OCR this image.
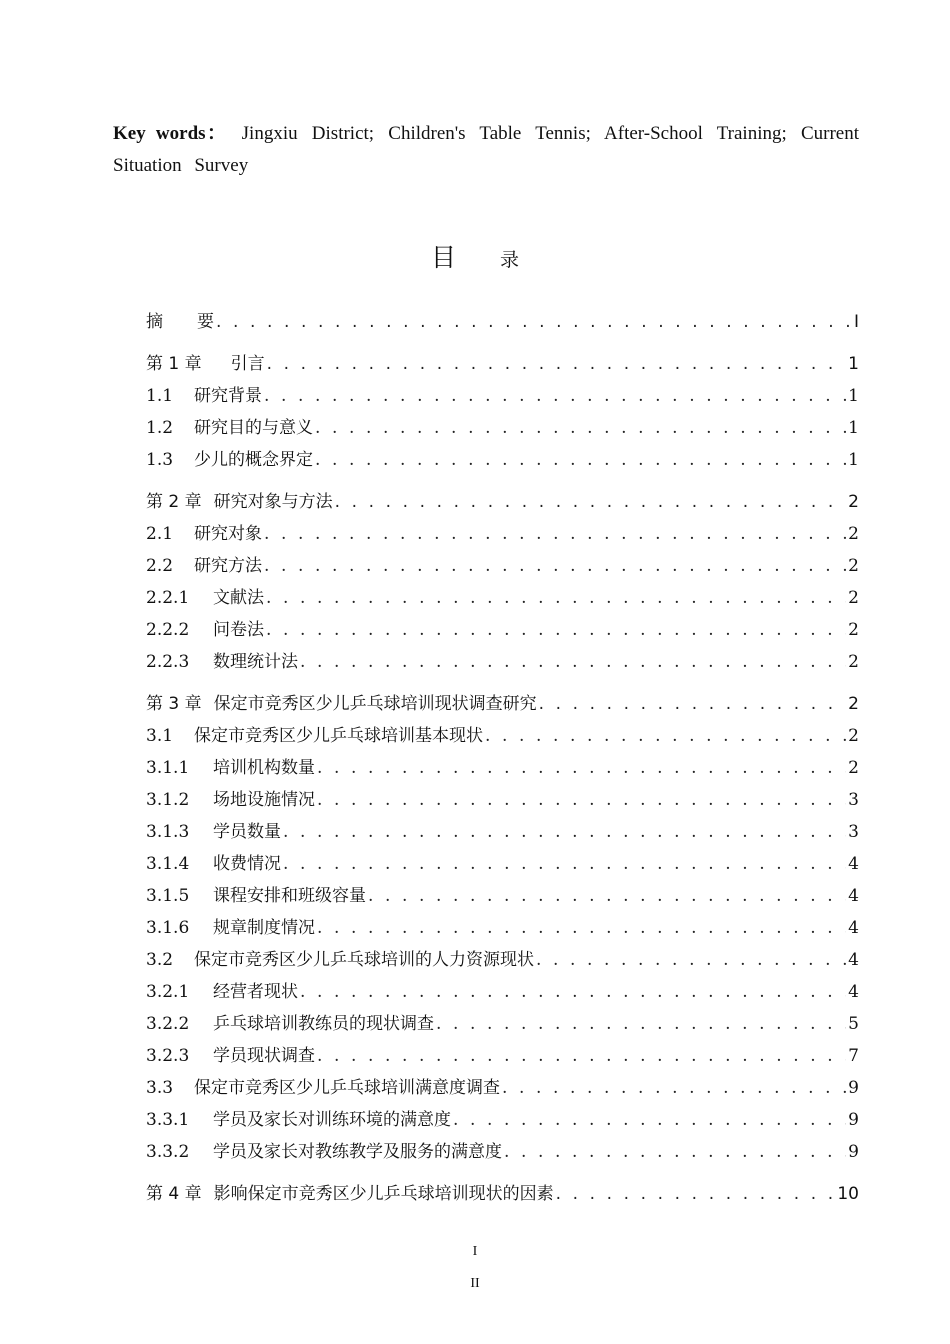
Key words： Jingxiu District; Children's Table Tennis; After-School Training; Current Situation Survey
目 录
摘　　要 . . .	I
第 1 章 　引言 . . .	1
1.1	研究背景 . . .	1
1.2	研究目的与意义 . . .	1
1.3	少儿的概念界定 . . .	1
第 2 章 研究对象与方法 . . .	2
2.1	研究对象 . . .	2
2.2	研究方法 . . .	2
2.2.1	文献法 . . .	2
2.2.2	问卷法 . . .	2
2.2.3	数理统计法 . . .	2
第 3 章 保定市竞秀区少儿乒乓球培训现状调查研究 . . .	2
3.1	保定市竞秀区少儿乒乓球培训基本现状 . . .	2
3.1.1	培训机构数量 . . .	2
3.1.2	场地设施情况 . . .	3
3.1.3	学员数量 . . .	3
3.1.4	收费情况 . . .	4
3.1.5	课程安排和班级容量 . . .	4
3.1.6	规章制度情况 . . .	4
3.2	保定市竞秀区少儿乒乓球培训的人力资源现状 . . .	4
3.2.1	经营者现状 . . .	4
3.2.2	乒乓球培训教练员的现状调查 . . .	5
3.2.3	学员现状调查 . . .	7
3.3	保定市竞秀区少儿乒乓球培训满意度调查 . . .	9
3.3.1	学员及家长对训练环境的满意度 . . .	9
3.3.2	学员及家长对教练教学及服务的满意度 . . .	9
第 4 章 影响保定市竞秀区少儿乒乓球培训现状的因素 . . .	10
I
II
